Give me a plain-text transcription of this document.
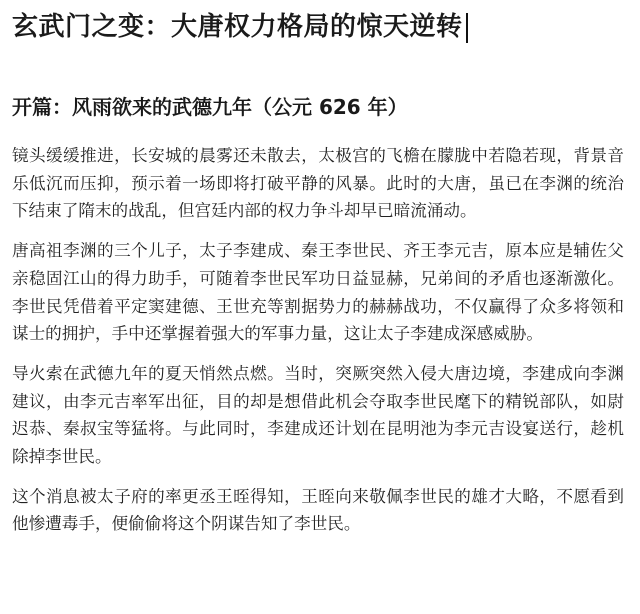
玄武门之变：大唐权力格局的惊天逆转
开篇：风雨欲来的武德九年（公元 626 年）

镜头缓缓推进，长安城的晨雾还未散去，太极宫的飞檐在朦胧中若隐若现，背景音乐低沉而压抑，预示着一场即将打破平静的风暴。此时的大唐，虽已在李渊的统治下结束了隋末的战乱，但宫廷内部的权力争斗却早已暗流涌动。

唐高祖李渊的三个儿子，太子李建成、秦王李世民、齐王李元吉，原本应是辅佐父亲稳固江山的得力助手，可随着李世民军功日益显赫，兄弟间的矛盾也逐渐激化。李世民凭借着平定窦建德、王世充等割据势力的赫赫战功，不仅赢得了众多将领和谋士的拥护，手中还掌握着强大的军事力量，这让太子李建成深感威胁。

导火索在武德九年的夏天悄然点燃。当时，突厥突然入侵大唐边境，李建成向李渊建议，由李元吉率军出征，目的却是想借此机会夺取李世民麾下的精锐部队，如尉迟恭、秦叔宝等猛将。与此同时，李建成还计划在昆明池为李元吉设宴送行，趁机除掉李世民。

这个消息被太子府的率更丞王晊得知，王晊向来敬佩李世民的雄才大略，不愿看到他惨遭毒手，便偷偷将这个阴谋告知了李世民。
